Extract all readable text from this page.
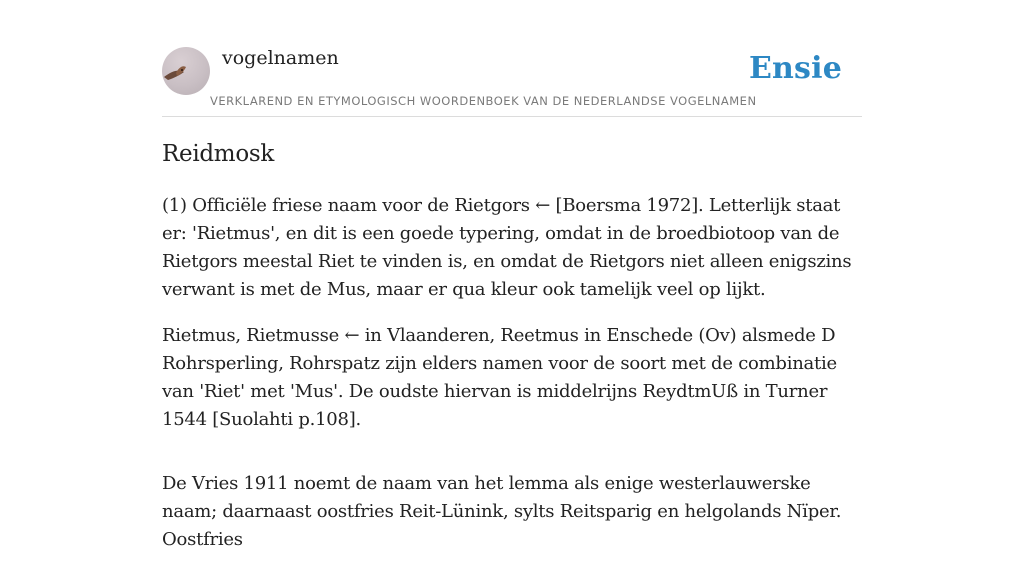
vogelnamen	Ensie
VERKLAREND EN ETYMOLOGISCH WOORDENBOEK VAN DE NEDERLANDSE VOGELNAMEN
Reidmosk

(1) Officiële friese naam voor de Rietgors ← [Boersma 1972]. Letterlijk staat er: 'Rietmus', en dit is een goede typering, omdat in de broedbiotoop van de Rietgors meestal Riet te vinden is, en omdat de Rietgors niet alleen enigszins verwant is met de Mus, maar er qua kleur ook tamelijk veel op lijkt.

Rietmus, Rietmusse ← in Vlaanderen, Reetmus in Enschede (Ov) alsmede D Rohrsperling, Rohrspatz zijn elders namen voor de soort met de combinatie van 'Riet' met 'Mus'. De oudste hiervan is middelrijns ReydtmUß in Turner 1544 [Suolahti p.108].

De Vries 1911 noemt de naam van het lemma als enige westerlauwerske naam; daarnaast oostfries Reit-Lünink, sylts Reitsparig en helgolands Nïper. Oostfries
